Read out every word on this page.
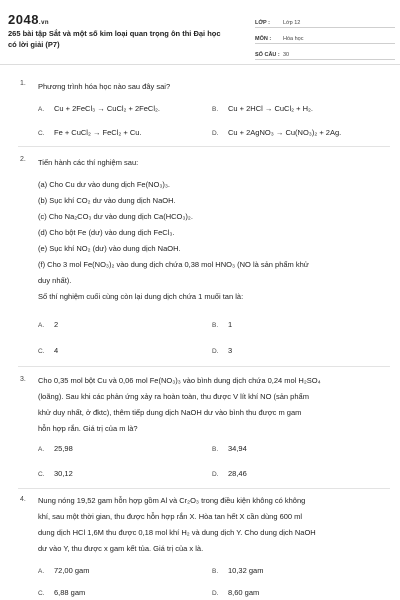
2048.vn
265 bài tập Sắt và một số kim loại quan trọng ôn thi Đại học có lời giải (P7)
LỚP :	Lớp 12
MÔN :	Hóa học
SỐ CÂU : 30
1. Phương trình hóa học nào sau đây sai?
A. Cu + 2FeCl₃ → CuCl₂ + 2FeCl₂.	B. Cu + 2HCl → CuCl₂ + H₂.
C. Fe + CuCl₂ → FeCl₂ + Cu.	D. Cu + 2AgNO₃ → Cu(NO₃)₂ + 2Ag.
2. Tiến hành các thí nghiệm sau:
(a) Cho Cu dư vào dung dịch Fe(NO₃)₃.
(b) Sục khí CO₂ dư vào dung dịch NaOH.
(c) Cho Na₂CO₃ dư vào dung dịch Ca(HCO₃)₂.
(d) Cho bột Fe (dư) vào dung dịch FeCl₃.
(e) Sục khí NO₂ (dư) vào dung dịch NaOH.
(f) Cho 3 mol Fe(NO₃)₂ vào dung dịch chứa 0,38 mol HNO₃ (NO là sản phẩm khử
duy nhất).
Số thí nghiệm cuối cùng còn lại dung dịch chứa 1 muối tan là:
A. 2	B. 1
C. 4	D. 3
3. Cho 0,35 mol bột Cu và 0,06 mol Fe(NO₃)₃ vào bình dung dịch chứa 0,24 mol H₂SO₄
(loãng). Sau khi các phản ứng xảy ra hoàn toàn, thu được V lít khí NO (sản phẩm
khử duy nhất, ở đktc), thêm tiếp dung dịch NaOH dư vào bình thu được m gam
hỗn hợp rắn. Giá trị của m là?
A. 25,98	B. 34,94
C. 30,12	D. 28,46
4. Nung nóng 19,52 gam hỗn hợp gồm Al và Cr₂O₃ trong điều kiện không có không
khí, sau một thời gian, thu được hỗn hợp rắn X. Hòa tan hết X cần dùng 600 ml
dung dịch HCl 1,6M thu được 0,18 mol khí H₂ và dung dịch Y. Cho dung dịch NaOH
dư vào Y, thu được x gam kết tủa. Giá trị của x là.
A. 72,00 gam	B. 10,32 gam
C. 6,88 gam	D. 8,60 gam
